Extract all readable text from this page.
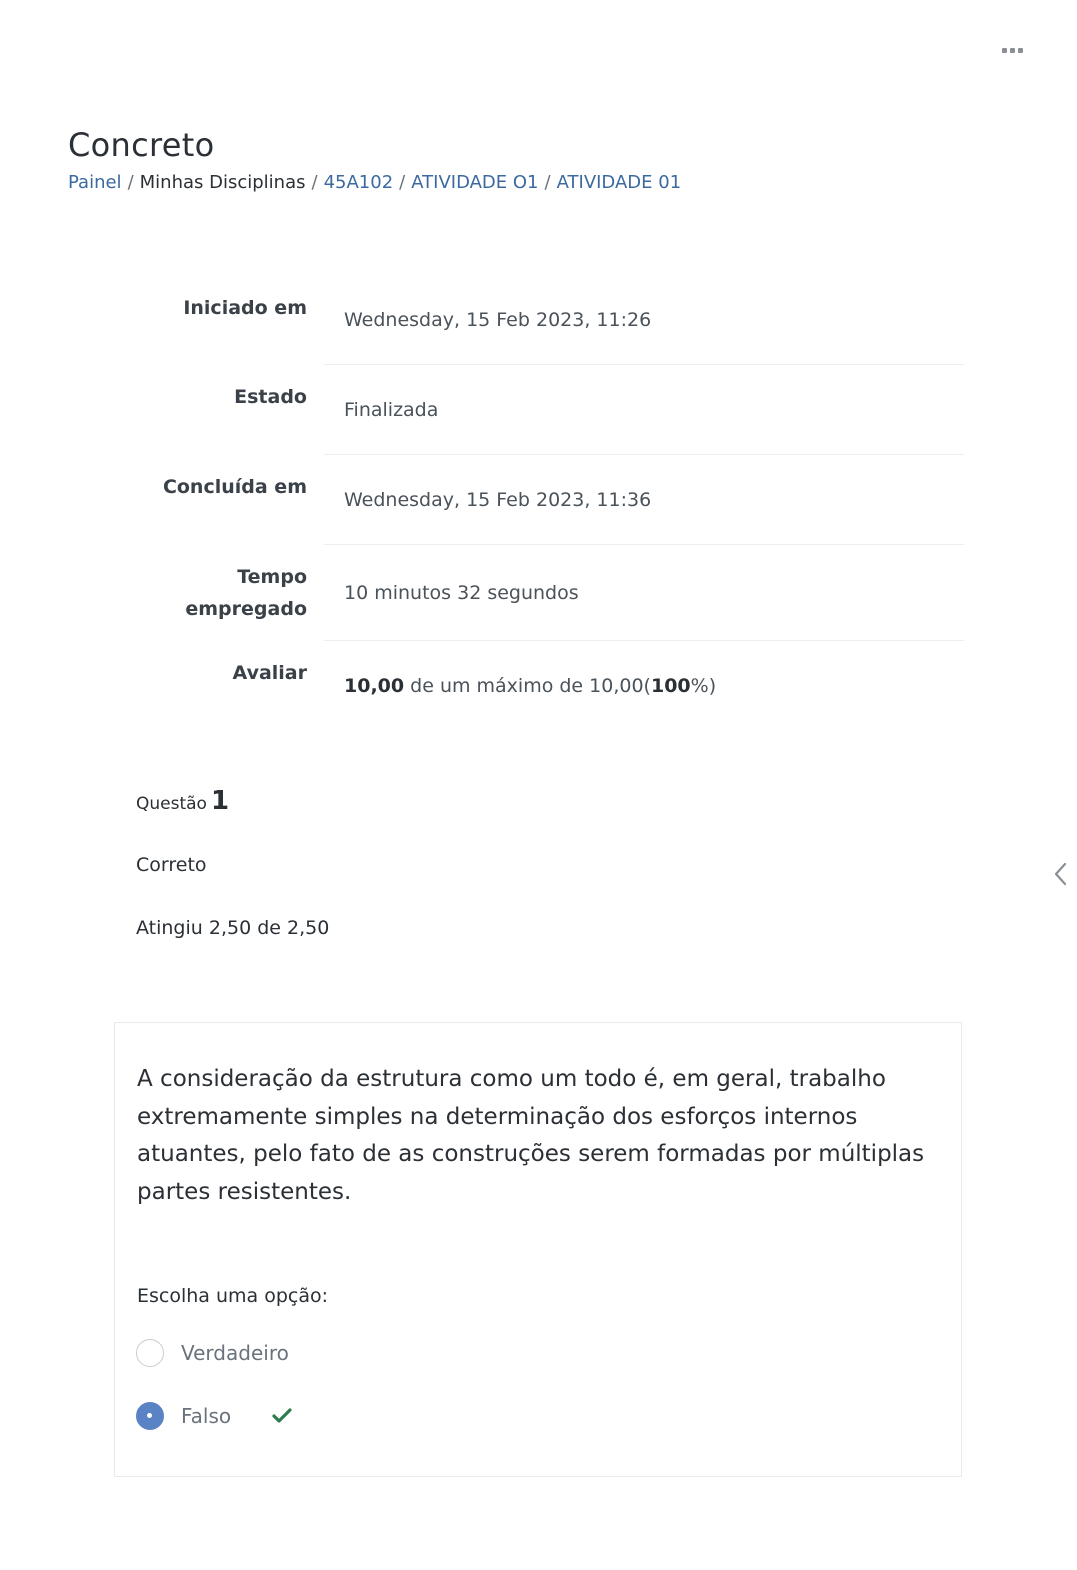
Concreto
Painel / Minhas Disciplinas / 45A102 / ATIVIDADE O1 / ATIVIDADE 01
Iniciado em
Wednesday, 15 Feb 2023, 11:26
Estado
Finalizada
Concluída em
Wednesday, 15 Feb 2023, 11:36
Tempo
empregado
10 minutos 32 segundos
Avaliar
10,00 de um máximo de 10,00(100%)
Questão 1
Correto
Atingiu 2,50 de 2,50

A consideração da estrutura como um todo é, em geral, trabalho extremamente simples na determinação dos esforços internos atuantes, pelo fato de as construções serem formadas por múltiplas partes resistentes.

Escolha uma opção:
Verdadeiro
Falso
